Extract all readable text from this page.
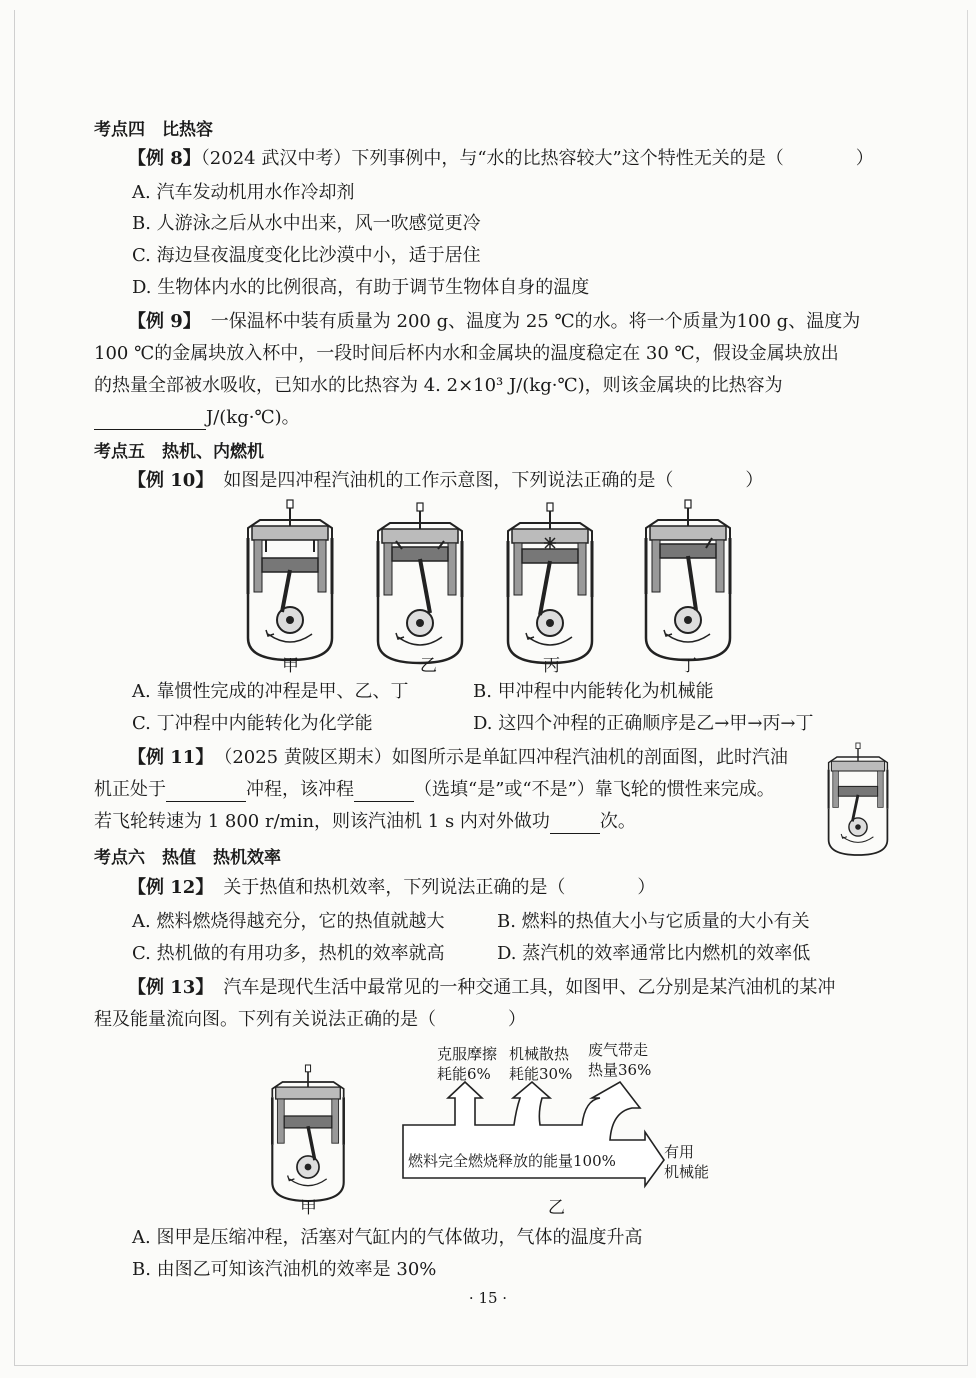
考点四　比热容
【例 8】（2024 武汉中考）下列事例中，与“水的比热容较大”这个特性无关的是（　　　　）
A. 汽车发动机用水作冷却剂
B. 人游泳之后从水中出来，风一吹感觉更冷
C. 海边昼夜温度变化比沙漠中小，适于居住
D. 生物体内水的比例很高，有助于调节生物体自身的温度
【例 9】 一保温杯中装有质量为 200 g、温度为 25 ℃的水。将一个质量为100 g、温度为
100 ℃的金属块放入杯中，一段时间后杯内水和金属块的温度稳定在 30 ℃，假设金属块放出
的热量全部被水吸收，已知水的比热容为 4. 2×10³ J/(kg·℃)，则该金属块的比热容为
J/(kg·℃)。
考点五　热机、内燃机
【例 10】 如图是四冲程汽油机的工作示意图，下列说法正确的是（　　　　）
甲	乙	丙	丁
A. 靠惯性完成的冲程是甲、乙、丁	B. 甲冲程中内能转化为机械能
C. 丁冲程中内能转化为化学能	D. 这四个冲程的正确顺序是乙→甲→丙→丁
【例 11】 （2025 黄陂区期末）如图所示是单缸四冲程汽油机的剖面图，此时汽油
机正处于	冲程，该冲程	（选填“是”或“不是”）靠飞轮的惯性来完成。
若飞轮转速为 1 800 r/min，则该汽油机 1 s 内对外做功	次。
考点六　热值　热机效率
【例 12】 关于热值和热机效率，下列说法正确的是（　　　　）
A. 燃料燃烧得越充分，它的热值就越大	B. 燃料的热值大小与它质量的大小有关
C. 热机做的有用功多，热机的效率就高	D. 蒸汽机的效率通常比内燃机的效率低
【例 13】 汽车是现代生活中最常见的一种交通工具，如图甲、乙分别是某汽油机的某冲
程及能量流向图。下列有关说法正确的是（　　　　）
克服摩擦
耗能6%
机械散热
耗能30%
废气带走
热量36%
燃料完全燃烧释放的能量100%	有用
机械能
甲	乙
A. 图甲是压缩冲程，活塞对气缸内的气体做功，气体的温度升高
B. 由图乙可知该汽油机的效率是 30%
· 15 ·
